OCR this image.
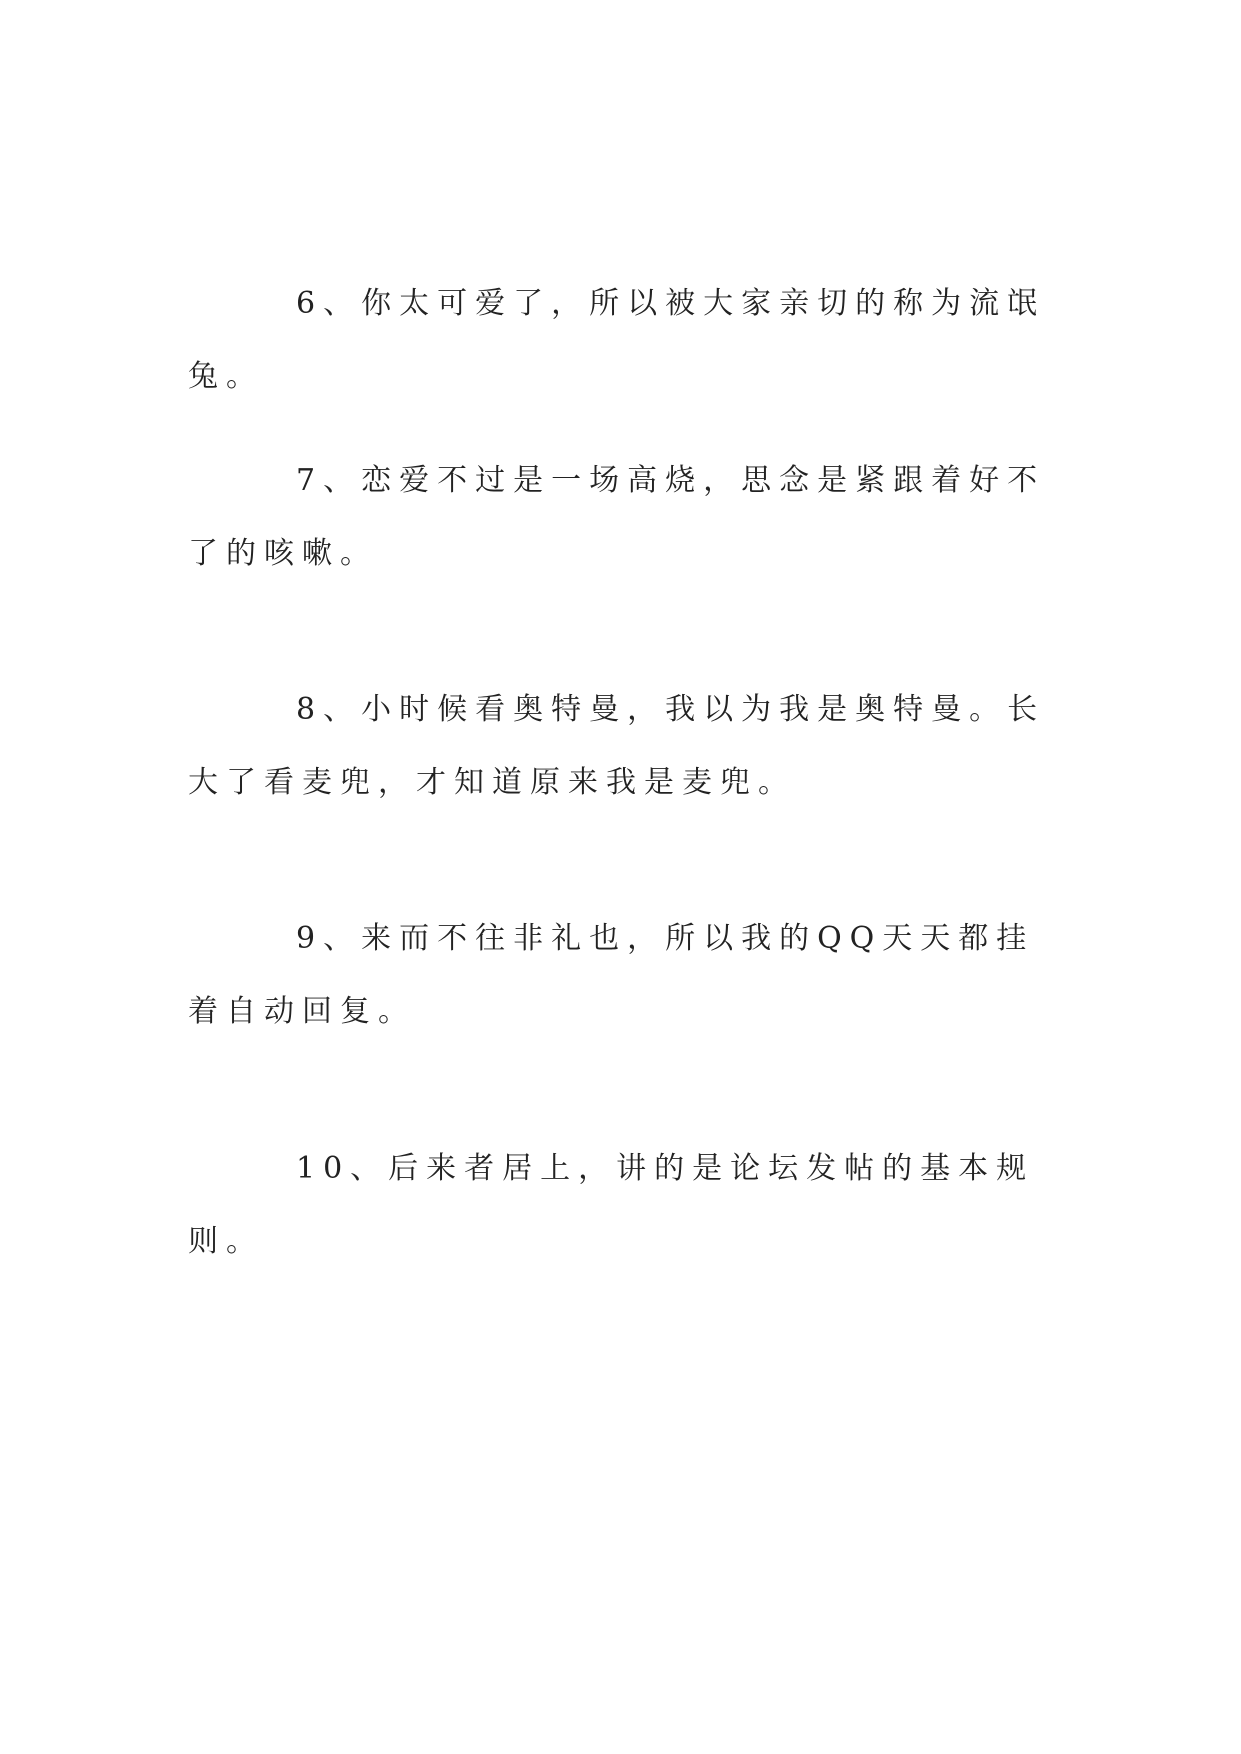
6、你太可爱了，所以被大家亲切的称为流氓兔。

7、恋爱不过是一场高烧，思念是紧跟着好不了的咳嗽。

8、小时候看奥特曼，我以为我是奥特曼。长大了看麦兜，才知道原来我是麦兜。

9、来而不往非礼也，所以我的QQ天天都挂着自动回复。

10、后来者居上，讲的是论坛发帖的基本规则。
